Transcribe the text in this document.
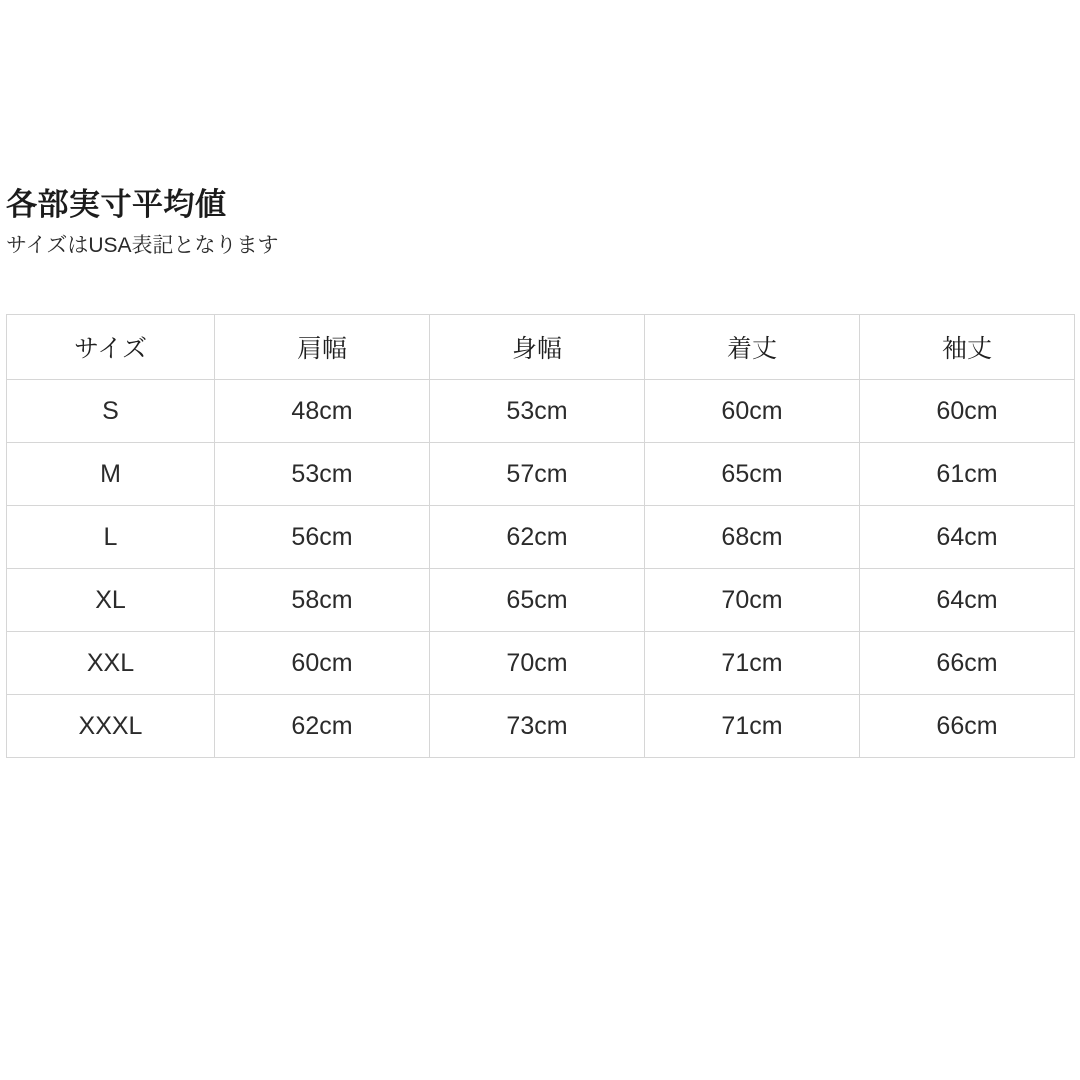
各部実寸平均値

サイズはUSA表記となります

サイズ	肩幅	身幅	着丈	袖丈
S	48cm	53cm	60cm	60cm
M	53cm	57cm	65cm	61cm
L	56cm	62cm	68cm	64cm
XL	58cm	65cm	70cm	64cm
XXL	60cm	70cm	71cm	66cm
XXXL	62cm	73cm	71cm	66cm
